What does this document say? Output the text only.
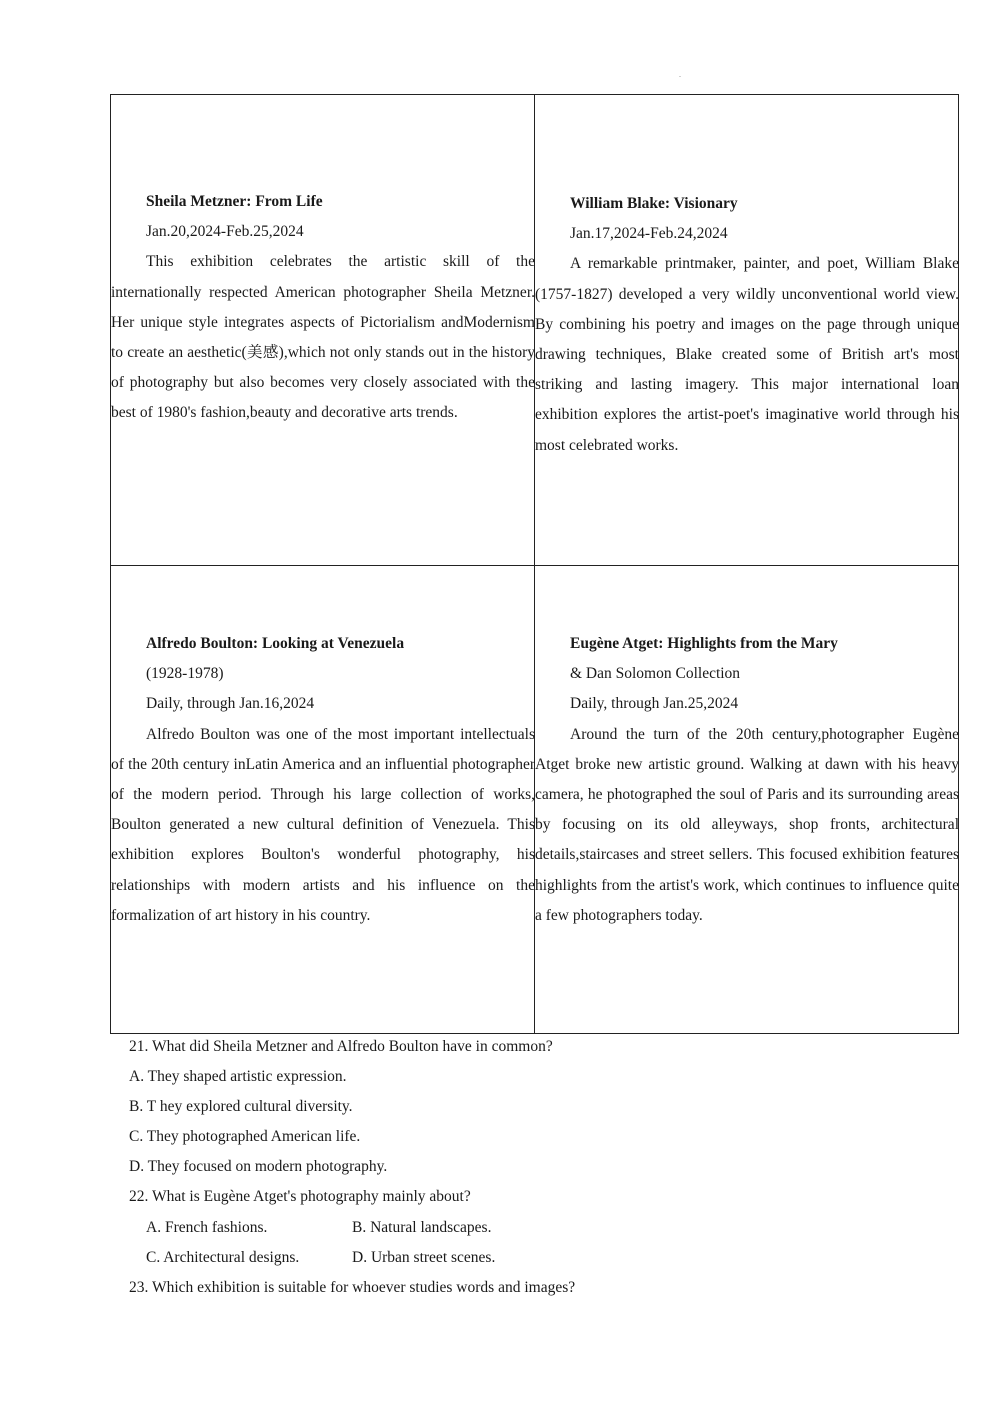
.
Sheila Metzner: From Life
Jan.20,2024-Feb.25,2024

This exhibition celebrates the artistic skill of the internationally respected American photographer Sheila Metzner. Her unique style integrates aspects of Pictorialism andModernism to create an aesthetic(美感),which not only stands out in the history of photography but also becomes very closely associated with the best of 1980's fashion,beauty and decorative arts trends.

William Blake: Visionary
Jan.17,2024-Feb.24,2024

A remarkable printmaker, painter, and poet, William Blake (1757-1827) developed a very wildly unconventional world view. By combining his poetry and images on the page through unique drawing techniques, Blake created some of British art's most striking and lasting imagery. This major international loan exhibition explores the artist-poet's imaginative world through his most celebrated works.

Alfredo Boulton: Looking at Venezuela
(1928-1978)
Daily, through Jan.16,2024

Alfredo Boulton was one of the most important intellectuals of the 20th century inLatin America and an influential photographer of the modern period. Through his large collection of works, Boulton generated a new cultural definition of Venezuela. This exhibition explores Boulton's wonderful photography, his relationships with modern artists and his influence on the formalization of art history in his country.

Eugène Atget: Highlights from the Mary
& Dan Solomon Collection
Daily, through Jan.25,2024

Around the turn of the 20th century,photographer Eugène Atget broke new artistic ground. Walking at dawn with his heavy camera, he photographed the soul of Paris and its surrounding areas by focusing on its old alleyways, shop fronts, architectural details,staircases and street sellers. This focused exhibition features highlights from the artist's work, which continues to influence quite a few photographers today.

21. What did Sheila Metzner and Alfredo Boulton have in common?
A. They shaped artistic expression.
B. T hey explored cultural diversity.
C. They photographed American life.
D. They focused on modern photography.
22. What is Eugène Atget's photography mainly about?
A. French fashions.	B. Natural landscapes.
C. Architectural designs.	D. Urban street scenes.
23. Which exhibition is suitable for whoever studies words and images?
